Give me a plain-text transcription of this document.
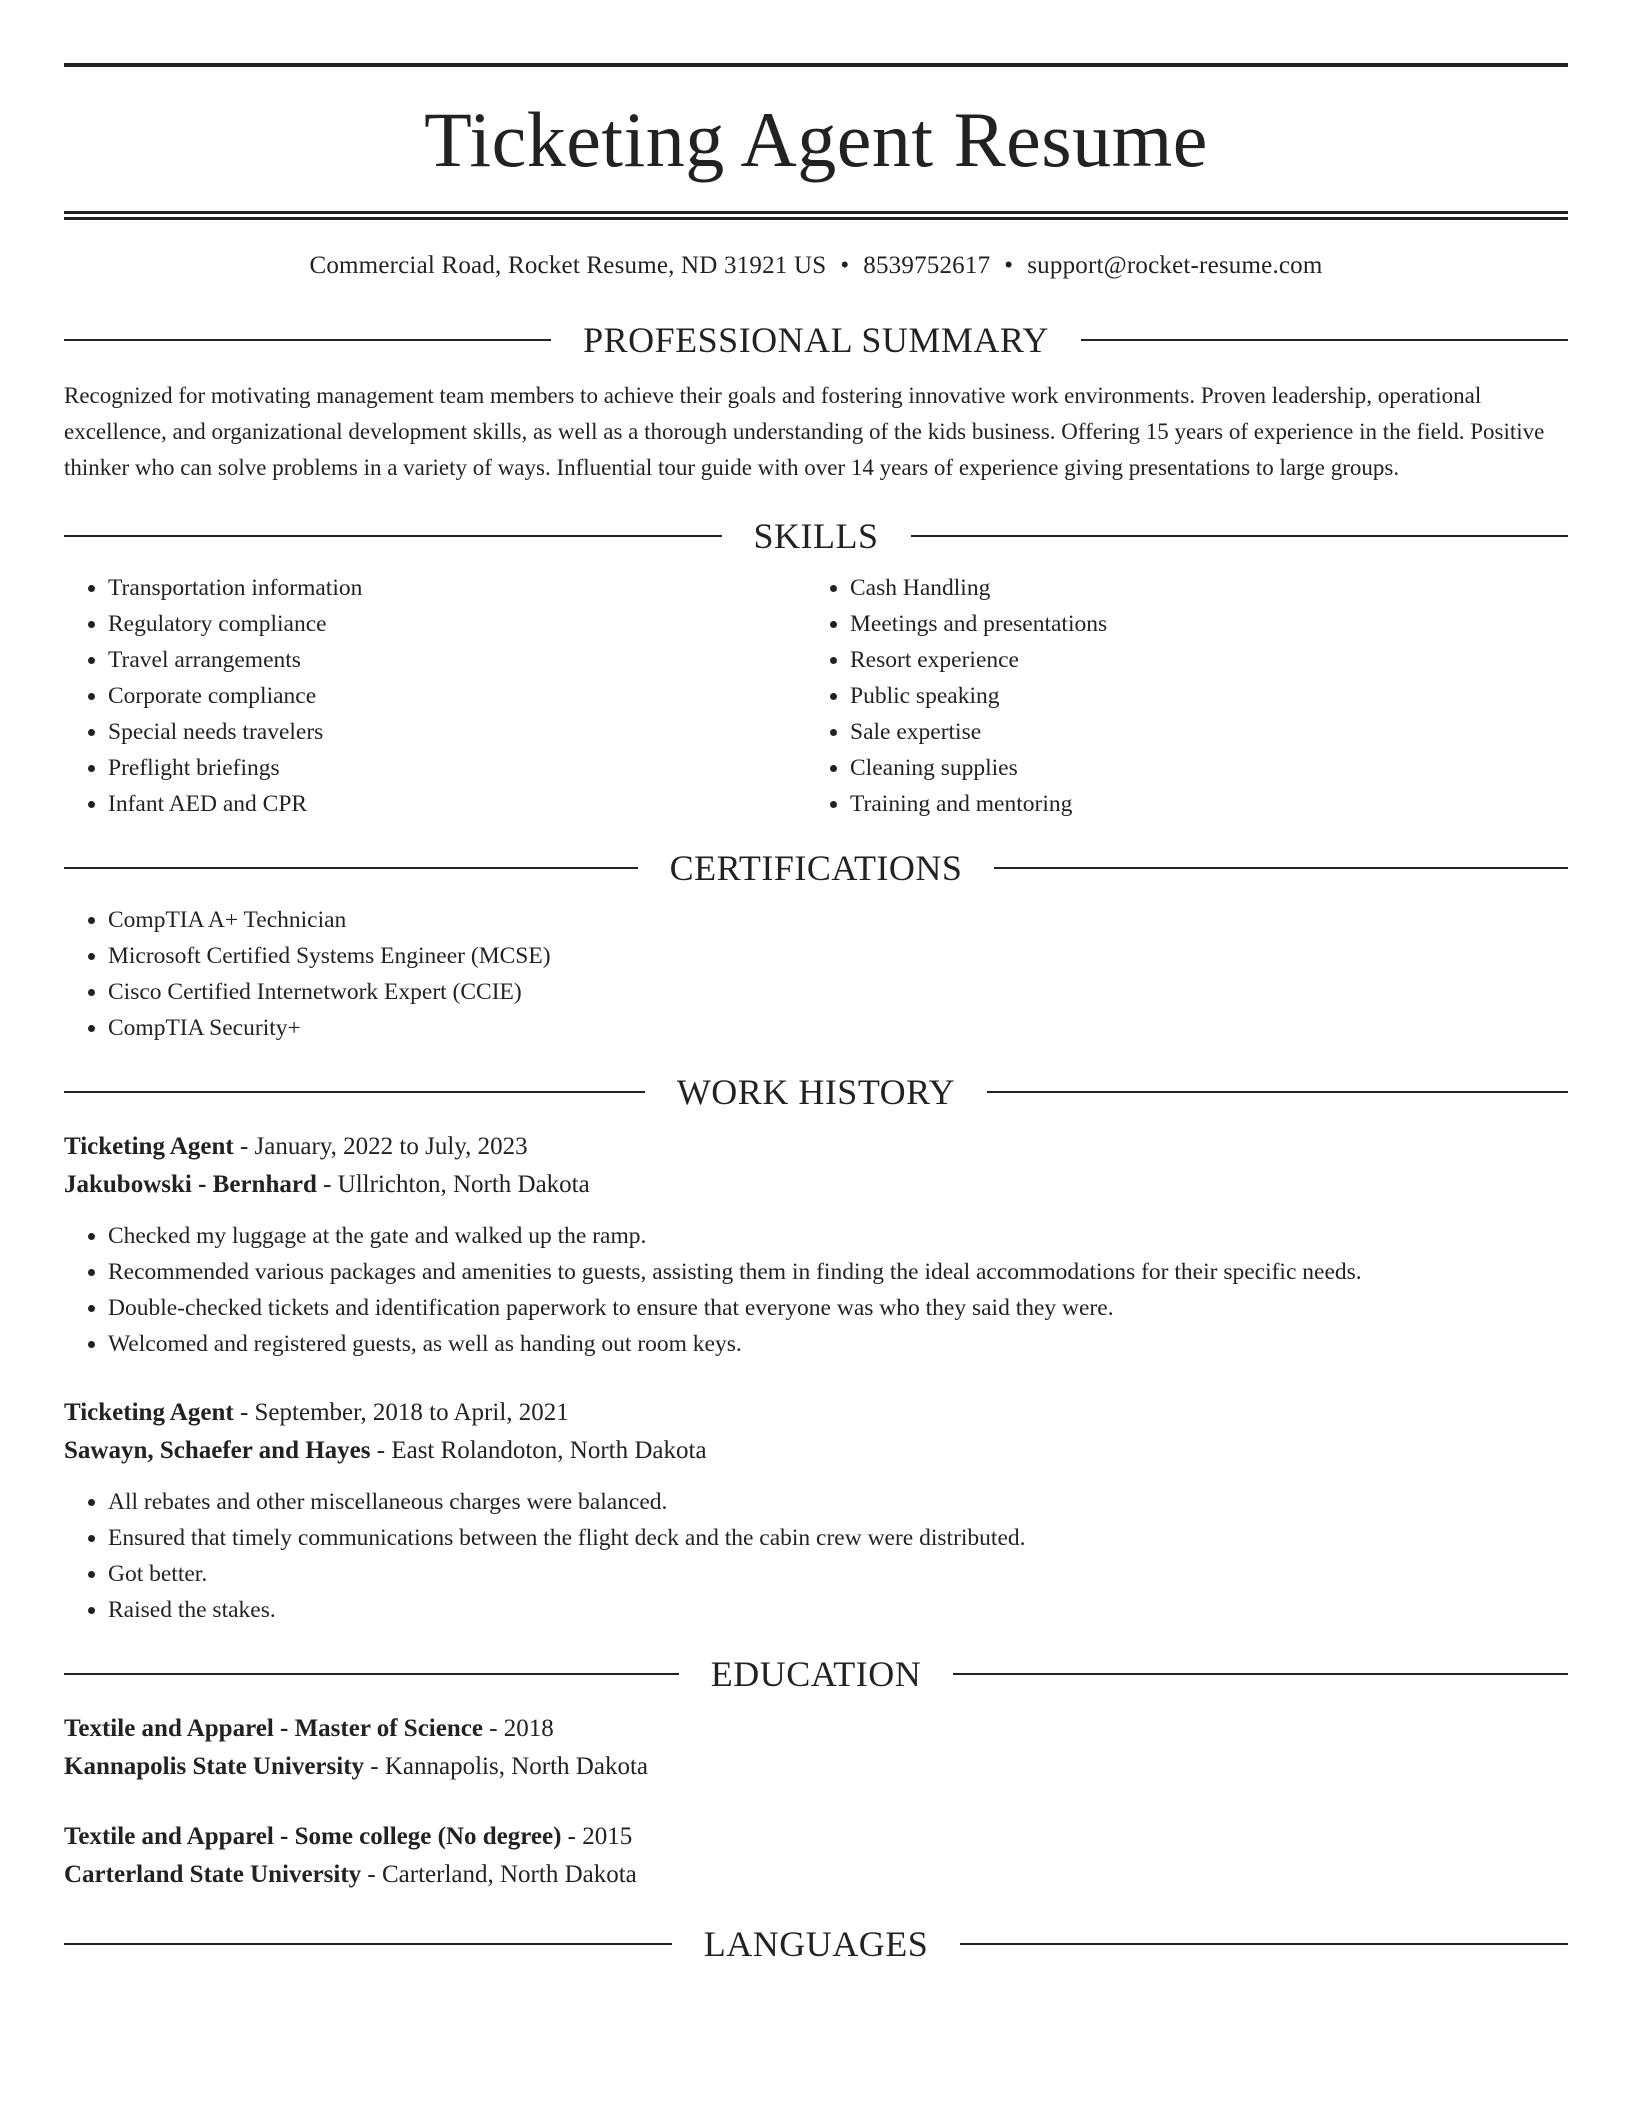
Ticketing Agent Resume
Commercial Road, Rocket Resume, ND 31921 US • 8539752617 • support@rocket-resume.com
PROFESSIONAL SUMMARY
Recognized for motivating management team members to achieve their goals and fostering innovative work environments. Proven leadership, operational excellence, and organizational development skills, as well as a thorough understanding of the kids business. Offering 15 years of experience in the field. Positive thinker who can solve problems in a variety of ways. Influential tour guide with over 14 years of experience giving presentations to large groups.
SKILLS
• Transportation information
• Regulatory compliance
• Travel arrangements
• Corporate compliance
• Special needs travelers
• Preflight briefings
• Infant AED and CPR
• Cash Handling
• Meetings and presentations
• Resort experience
• Public speaking
• Sale expertise
• Cleaning supplies
• Training and mentoring
CERTIFICATIONS
• CompTIA A+ Technician
• Microsoft Certified Systems Engineer (MCSE)
• Cisco Certified Internetwork Expert (CCIE)
• CompTIA Security+
WORK HISTORY
Ticketing Agent - January, 2022 to July, 2023
Jakubowski - Bernhard - Ullrichton, North Dakota
• Checked my luggage at the gate and walked up the ramp.
• Recommended various packages and amenities to guests, assisting them in finding the ideal accommodations for their specific needs.
• Double-checked tickets and identification paperwork to ensure that everyone was who they said they were.
• Welcomed and registered guests, as well as handing out room keys.
Ticketing Agent - September, 2018 to April, 2021
Sawayn, Schaefer and Hayes - East Rolandoton, North Dakota
• All rebates and other miscellaneous charges were balanced.
• Ensured that timely communications between the flight deck and the cabin crew were distributed.
• Got better.
• Raised the stakes.
EDUCATION
Textile and Apparel - Master of Science - 2018
Kannapolis State University - Kannapolis, North Dakota
Textile and Apparel - Some college (No degree) - 2015
Carterland State University - Carterland, North Dakota
LANGUAGES
